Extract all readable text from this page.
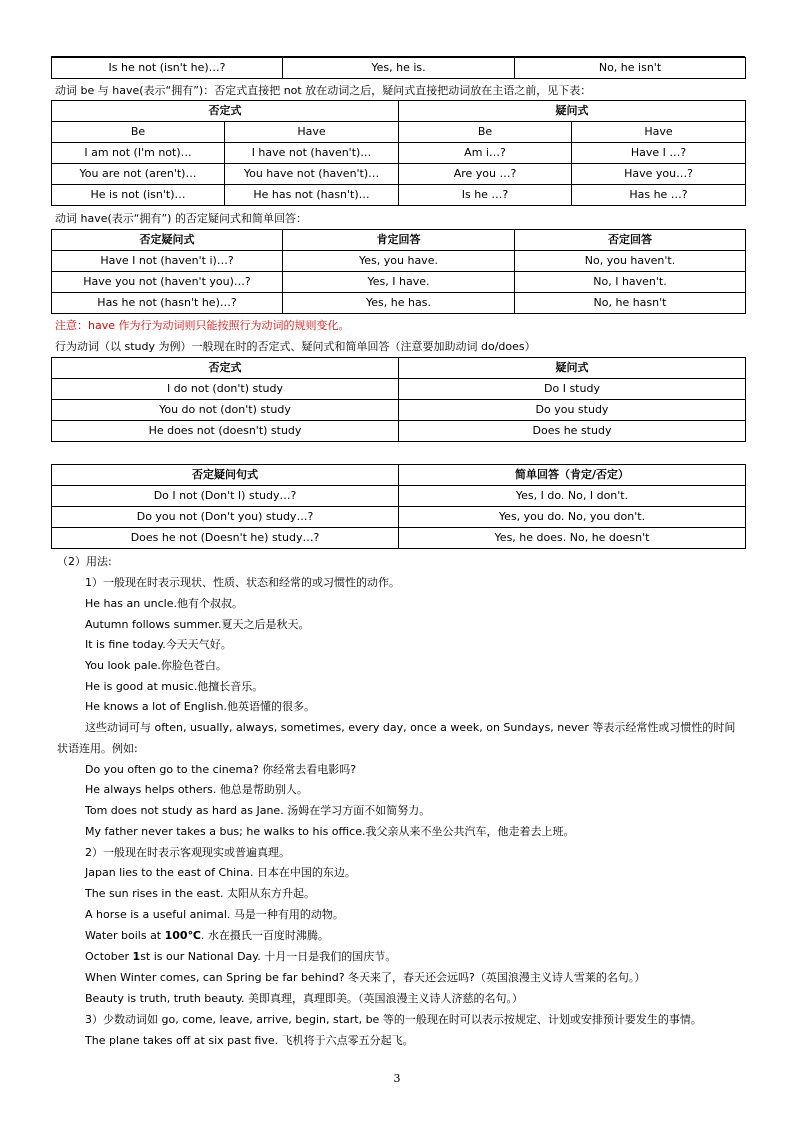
Is he not (isn't he)…?	Yes, he is.	No, he isn't
动词 be 与 have(表示“拥有”)：否定式直接把 not 放在动词之后，疑问式直接把动词放在主语之前，见下表：
否定式		疑问式	
Be	Have	Be	Have
I am not (I'm not)…	I have not (haven't)…	Am i…?	Have I …?
You are not (aren't)…	You have not (haven't)…	Are you …?	Have you…?
He is not (isn't)…	He has not (hasn't)…	Is he …?	Has he …?
动词 have(表示“拥有”) 的否定疑问式和简单回答：
否定疑问式	肯定回答	否定回答
Have I not (haven't i)…?	Yes, you have.	No, you haven't.
Have you not (haven't you)…?	Yes, I have.	No, I haven't.
Has he not (hasn't he)…?	Yes, he has.	No, he hasn't
注意：have 作为行为动词则只能按照行为动词的规则变化。
行为动词（以 study 为例）一般现在时的否定式、疑问式和简单回答（注意要加助动词 do/does）
否定式	疑问式
I do not (don't) study	Do I study
You do not (don't) study	Do you study
He does not (doesn't) study	Does he study
否定疑问句式	简单回答（肯定/否定）
Do I not (Don't I) study…?	Yes, I do. No, I don't.
Do you not (Don't you) study…?	Yes, you do. No, you don't.
Does he not (Doesn't he) study…?	Yes, he does. No, he doesn't
（2）用法:
1）一般现在时表示现状、性质、状态和经常的或习惯性的动作。
He has an uncle.他有个叔叔。
Autumn follows summer.夏天之后是秋天。
It is fine today.今天天气好。
You look pale.你脸色苍白。
He is good at music.他擅长音乐。
He knows a lot of English.他英语懂的很多。
这些动词可与 often, usually, always, sometimes, every day, once a week, on Sundays, never 等表示经常性或习惯性的时间
状语连用。例如:
Do you often go to the cinema? 你经常去看电影吗?
He always helps others. 他总是帮助别人。
Tom does not study as hard as Jane. 汤姆在学习方面不如简努力。
My father never takes a bus; he walks to his office.我父亲从来不坐公共汽车，他走着去上班。
2）一般现在时表示客观现实或普遍真理。
Japan lies to the east of China. 日本在中国的东边。
The sun rises in the east. 太阳从东方升起。
A horse is a useful animal. 马是一种有用的动物。
Water boils at 100℃. 水在摄氏一百度时沸腾。
October 1st is our National Day. 十月一日是我们的国庆节。
When Winter comes, can Spring be far behind? 冬天来了，春天还会远吗?（英国浪漫主义诗人雪莱的名句。）
Beauty is truth, truth beauty. 美即真理，真理即美。（英国浪漫主义诗人济慈的名句。）
3）少数动词如 go, come, leave, arrive, begin, start, be 等的一般现在时可以表示按规定、计划或安排预计要发生的事情。
The plane takes off at six past five. 飞机将于六点零五分起飞。
3
